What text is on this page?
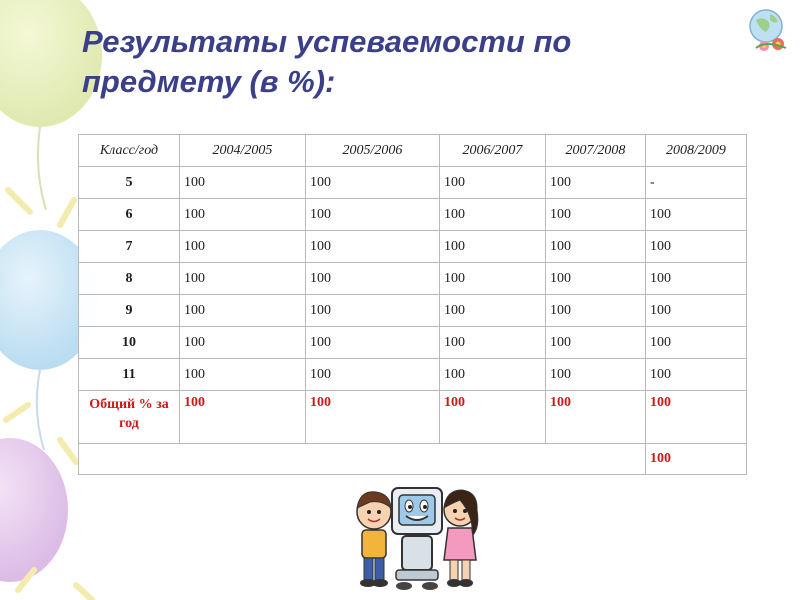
Результаты успеваемости по предмету (в %):
Класс/год	2004/2005	2005/2006	2006/2007	2007/2008	2008/2009
5	100	100	100	100	-
6	100	100	100	100	100
7	100	100	100	100	100
8	100	100	100	100	100
9	100	100	100	100	100
10	100	100	100	100	100
11	100	100	100	100	100
Общий % за год	100	100	100	100	100
					100
